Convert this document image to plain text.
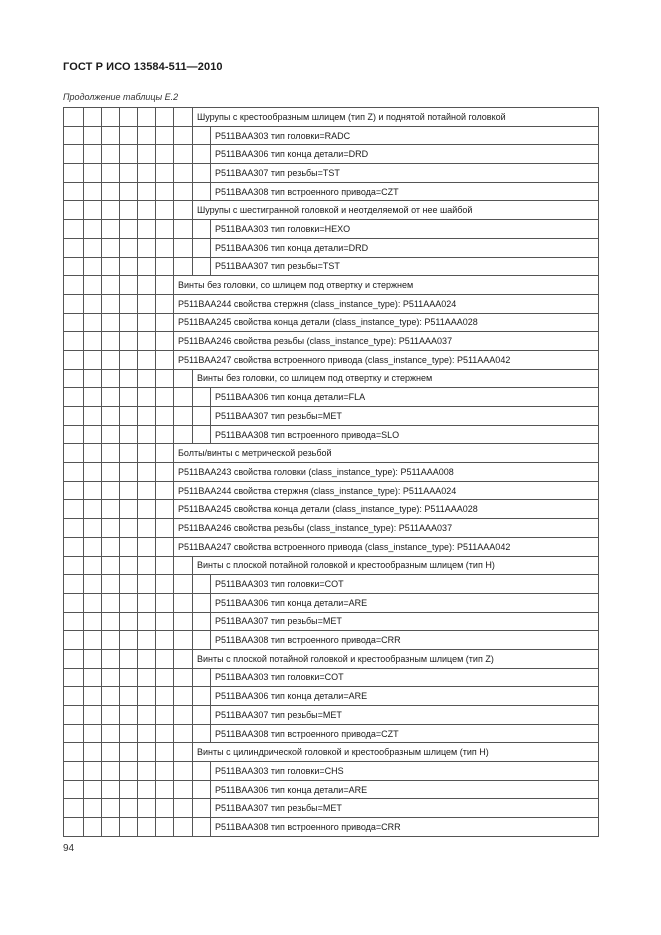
ГОСТ Р ИСО 13584-511—2010
Продолжение таблицы Е.2
							Шурупы с крестообразным шлицем (тип Z) и поднятой потайной головкой	
								P511BAA303 тип головки=RADC
								P511BAA306 тип конца детали=DRD
								P511BAA307 тип резьбы=TST
								P511BAA308 тип встроенного привода=CZT
							Шурупы с шестигранной головкой и неотделяемой от нее шайбой	
								P511BAA303 тип головки=HEXO
								P511BAA306 тип конца детали=DRD
								P511BAA307 тип резьбы=TST
						Винты без головки, со шлицем под отвертку и стержнем		
						P511BAA244 свойства стержня (class_instance_type): P511AAA024		
						P511BAA245 свойства конца детали (class_instance_type): P511AAA028		
						P511BAA246 свойства резьбы (class_instance_type): P511AAA037		
						P511BAA247 свойства встроенного привода (class_instance_type): P511AAA042		
							Винты без головки, со шлицем под отвертку и стержнем	
								P511BAA306 тип конца детали=FLA
								P511BAA307 тип резьбы=MET
								P511BAA308 тип встроенного привода=SLO
						Болты/винты с метрической резьбой		
						P511BAA243 свойства головки (class_instance_type): P511AAA008		
						P511BAA244 свойства стержня (class_instance_type): P511AAA024		
						P511BAA245 свойства конца детали (class_instance_type): P511AAA028		
						P511BAA246 свойства резьбы (class_instance_type): P511AAA037		
						P511BAA247 свойства встроенного привода (class_instance_type): P511AAA042		
							Винты с плоской потайной головкой и крестообразным шлицем (тип H)	
								P511BAA303 тип головки=COT
								P511BAA306 тип конца детали=ARE
								P511BAA307 тип резьбы=MET
								P511BAA308 тип встроенного привода=CRR
							Винты с плоской потайной головкой и крестообразным шлицем (тип Z)	
								P511BAA303 тип головки=COT
								P511BAA306 тип конца детали=ARE
								P511BAA307 тип резьбы=MET
								P511BAA308 тип встроенного привода=CZT
							Винты с цилиндрической головкой и крестообразным шлицем (тип H)	
								P511BAA303 тип головки=CHS
								P511BAA306 тип конца детали=ARE
								P511BAA307 тип резьбы=MET
								P511BAA308 тип встроенного привода=CRR
94
